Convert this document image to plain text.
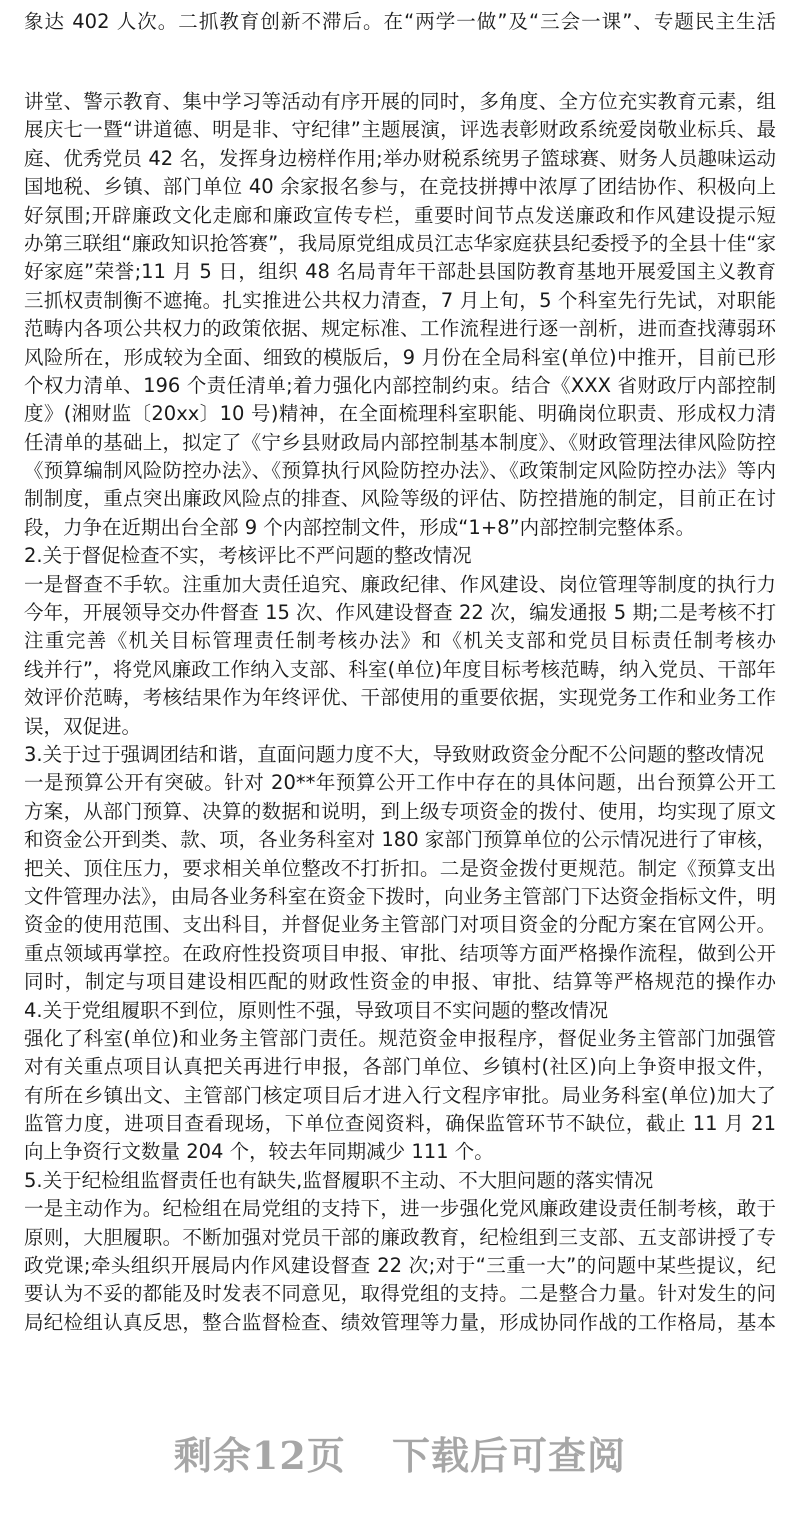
象达 402 人次。二抓教育创新不滞后。在“两学一做”及“三会一课”、专题民主生活
讲堂、警示教育、集中学习等活动有序开展的同时，多角度、全方位充实教育元素，组
展庆七一暨“讲道德、明是非、守纪律”主题展演，评选表彰财政系统爱岗敬业标兵、最
庭、优秀党员 42 名，发挥身边榜样作用;举办财税系统男子篮球赛、财务人员趣味运动
国地税、乡镇、部门单位 40 余家报名参与，在竞技拼搏中浓厚了团结协作、积极向上
好氛围;开辟廉政文化走廊和廉政宣传专栏，重要时间节点发送廉政和作风建设提示短
办第三联组“廉政知识抢答赛”，我局原党组成员江志华家庭获县纪委授予的全县十佳“家
好家庭”荣誉;11 月 5 日，组织 48 名局青年干部赴县国防教育基地开展爱国主义教育
三抓权责制衡不遮掩。扎实推进公共权力清查，7 月上旬，5 个科室先行先试，对职能
范畴内各项公共权力的政策依据、规定标准、工作流程进行逐一剖析，进而查找薄弱环
风险所在，形成较为全面、细致的模版后，9 月份在全局科室(单位)中推开，目前已形
个权力清单、196 个责任清单;着力强化内部控制约束。结合《XXX 省财政厅内部控制
度》(湘财监〔20xx〕10 号)精神，在全面梳理科室职能、明确岗位职责、形成权力清
任清单的基础上，拟定了《宁乡县财政局内部控制基本制度》、《财政管理法律风险防控
《预算编制风险防控办法》、《预算执行风险防控办法》、《政策制定风险防控办法》等内
制制度，重点突出廉政风险点的排查、风险等级的评估、防控措施的制定，目前正在讨
段，力争在近期出台全部 9 个内部控制文件，形成“1+8”内部控制完整体系。
2.关于督促检查不实，考核评比不严问题的整改情况
一是督查不手软。注重加大责任追究、廉政纪律、作风建设、岗位管理等制度的执行力
今年，开展领导交办件督查 15 次、作风建设督查 22 次，编发通报 5 期;二是考核不打
注重完善《机关目标管理责任制考核办法》和《机关支部和党员目标责任制考核办
线并行”，将党风廉政工作纳入支部、科室(单位)年度目标考核范畴，纳入党员、干部年
效评价范畴，考核结果作为年终评优、干部使用的重要依据，实现党务工作和业务工作
误，双促进。
3.关于过于强调团结和谐，直面问题力度不大，导致财政资金分配不公问题的整改情况
一是预算公开有突破。针对 20**年预算公开工作中存在的具体问题，出台预算公开工
方案，从部门预算、决算的数据和说明，到上级专项资金的拨付、使用，均实现了原文
和资金公开到类、款、项，各业务科室对 180 家部门预算单位的公示情况进行了审核，
把关、顶住压力，要求相关单位整改不打折扣。二是资金拨付更规范。制定《预算支出
文件管理办法》，由局各业务科室在资金下拨时，向业务主管部门下达资金指标文件，明
资金的使用范围、支出科目，并督促业务主管部门对项目资金的分配方案在官网公开。
重点领域再掌控。在政府性投资项目申报、审批、结项等方面严格操作流程，做到公开
同时，制定与项目建设相匹配的财政性资金的申报、审批、结算等严格规范的操作办
4.关于党组履职不到位，原则性不强，导致项目不实问题的整改情况
强化了科室(单位)和业务主管部门责任。规范资金申报程序，督促业务主管部门加强管
对有关重点项目认真把关再进行申报，各部门单位、乡镇村(社区)向上争资申报文件，
有所在乡镇出文、主管部门核定项目后才进入行文程序审批。局业务科室(单位)加大了
监管力度，进项目查看现场，下单位查阅资料，确保监管环节不缺位，截止 11 月 21
向上争资行文数量 204 个，较去年同期减少 111 个。
5.关于纪检组监督责任也有缺失,监督履职不主动、不大胆问题的落实情况
一是主动作为。纪检组在局党组的支持下，进一步强化党风廉政建设责任制考核，敢于
原则，大胆履职。不断加强对党员干部的廉政教育，纪检组到三支部、五支部讲授了专
政党课;牵头组织开展局内作风建设督查 22 次;对于“三重一大”的问题中某些提议，纪
要认为不妥的都能及时发表不同意见，取得党组的支持。二是整合力量。针对发生的问
局纪检组认真反思，整合监督检查、绩效管理等力量，形成协同作战的工作格局，基本
剩余12页 下载后可查阅
